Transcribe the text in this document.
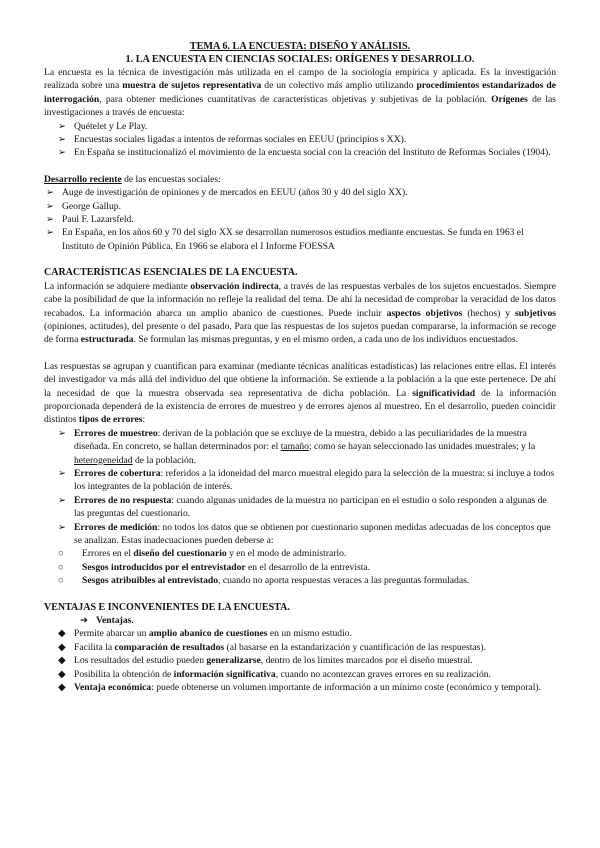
TEMA 6. LA ENCUESTA: DISEÑO Y ANÁLISIS.
1. LA ENCUESTA EN CIENCIAS SOCIALES: ORÍGENES Y DESARROLLO.

La encuesta es la técnica de investigación más utilizada en el campo de la sociología empírica y aplicada. Es la investigación realizada sobre una muestra de sujetos representativa de un colectivo más amplio utilizando procedimientos estandarizados de interrogación, para obtener mediciones cuantitativas de características objetivas y subjetivas de la población. Orígenes de las investigaciones a través de encuesta:

➢ Quételet y Le Play.
➢ Encuestas sociales ligadas a intentos de reformas sociales en EEUU (principios s XX).
➢ En España se institucionalizó el movimiento de la encuesta social con la creación del Instituto de Reformas Sociales (1904).

Desarrollo reciente de las encuestas sociales:

➢ Auge de investigación de opiniones y de mercados en EEUU (años 30 y 40 del siglo XX).
➢ George Gallup.
➢ Paul F. Lazarsfeld.
➢ En España, en los años 60 y 70 del siglo XX se desarrollan numerosos estudios mediante encuestas. Se funda en 1963 el Instituto de Opinión Pública. En 1966 se elabora el I Informe FOESSA
CARACTERÍSTICAS ESENCIALES DE LA ENCUESTA.

La información se adquiere mediante observación indirecta, a través de las respuestas verbales de los sujetos encuestados. Siempre cabe la posibilidad de que la información no refleje la realidad del tema. De ahí la necesidad de comprobar la veracidad de los datos recabados. La información abarca un amplio abanico de cuestiones. Puede incluir aspectos objetivos (hechos) y subjetivos (opiniones, actitudes), del presente o del pasado. Para que las respuestas de los sujetos puedan compararse, la información se recoge de forma estructurada. Se formulan las mismas preguntas, y en el mismo orden, a cada uno de los individuos encuestados.

Las respuestas se agrupan y cuantifican para examinar (mediante técnicas analíticas estadísticas) las relaciones entre ellas. El interés del investigador va más allá del individuo del que obtiene la información. Se extiende a la población a la que este pertenece. De ahí la necesidad de que la muestra observada sea representativa de dicha población. La significatividad de la información proporcionada dependerá de la existencia de errores de muestreo y de errores ajenos al muestreo. En el desarrollo, pueden coincidir distintos tipos de errores:

➢ Errores de muestreo: derivan de la población que se excluye de la muestra, debido a las peculiaridades de la muestra diseñada. En concreto, se hallan determinados por: el tamaño; como se hayan seleccionado las unidades muestrales; y la heterogeneidad de la población.
➢ Errores de cobertura: referidos a la idoneidad del marco muestral elegido para la selección de la muestra: si incluye a todos los integrantes de la población de interés.
➢ Errores de no respuesta: cuando algunas unidades de la muestra no participan en el estudio o solo responden a algunas de las preguntas del cuestionario.
➢ Errores de medición: no todos los datos que se obtienen por cuestionario suponen medidas adecuadas de los conceptos que se analizan. Estas inadecuaciones pueden deberse a:
○ Errores en el diseño del cuestionario y en el modo de administrarlo.
○ Sesgos introducidos por el entrevistador en el desarrollo de la entrevista.
○ Sesgos atribuibles al entrevistado, cuando no aporta respuestas veraces a las preguntas formuladas.
VENTAJAS E INCONVENIENTES DE LA ENCUESTA.
➔ Ventajas.
◆ Permite abarcar un amplio abanico de cuestiones en un mismo estudio.
◆ Facilita la comparación de resultados (al basarse en la estandarización y cuantificación de las respuestas).
◆ Los resultados del estudio pueden generalizarse, dentro de los límites marcados por el diseño muestral.
◆ Posibilita la obtención de información significativa, cuando no acontezcan graves errores en su realización.
◆ Ventaja económica: puede obtenerse un volumen importante de información a un mínimo coste (económico y temporal).
